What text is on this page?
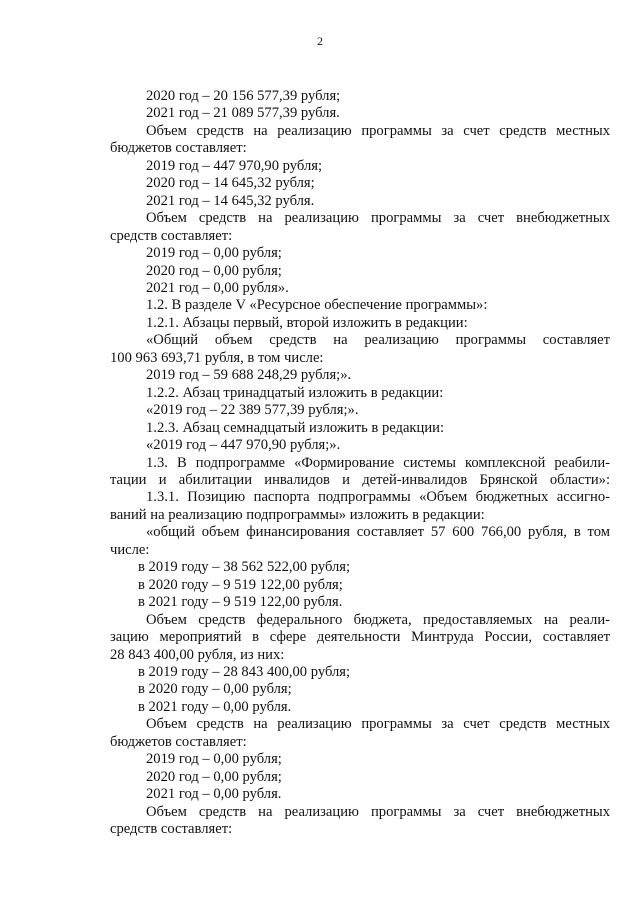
2
2020 год – 20 156 577,39 рубля;
2021 год – 21 089 577,39 рубля.
Объем средств на реализацию программы за счет средств местных
бюджетов составляет:
2019 год – 447 970,90 рубля;
2020 год – 14 645,32 рубля;
2021 год – 14 645,32 рубля.
Объем средств на реализацию программы за счет внебюджетных
средств составляет:
2019 год – 0,00 рубля;
2020 год – 0,00 рубля;
2021 год – 0,00 рубля».
1.2. В разделе V «Ресурсное обеспечение программы»:
1.2.1. Абзацы первый, второй изложить в редакции:
«Общий объем средств на реализацию программы составляет
100 963 693,71 рубля, в том числе:
2019 год – 59 688 248,29 рубля;».
1.2.2. Абзац тринадцатый изложить в редакции:
«2019 год – 22 389 577,39 рубля;».
1.2.3. Абзац семнадцатый изложить в редакции:
«2019 год – 447 970,90 рубля;».
1.3. В подпрограмме «Формирование системы комплексной реабили-
тации и абилитации инвалидов и детей-инвалидов Брянской области»:
1.3.1. Позицию паспорта подпрограммы «Объем бюджетных ассигно-
ваний на реализацию подпрограммы» изложить в редакции:
«общий объем финансирования составляет 57 600 766,00 рубля, в том
числе:
в 2019 году – 38 562 522,00 рубля;
в 2020 году – 9 519 122,00 рубля;
в 2021 году – 9 519 122,00 рубля.
Объем средств федерального бюджета, предоставляемых на реали-
зацию мероприятий в сфере деятельности Минтруда России, составляет
28 843 400,00 рубля, из них:
в 2019 году – 28 843 400,00 рубля;
в 2020 году – 0,00 рубля;
в 2021 году – 0,00 рубля.
Объем средств на реализацию программы за счет средств местных
бюджетов составляет:
2019 год – 0,00 рубля;
2020 год – 0,00 рубля;
2021 год – 0,00 рубля.
Объем средств на реализацию программы за счет внебюджетных
средств составляет:
